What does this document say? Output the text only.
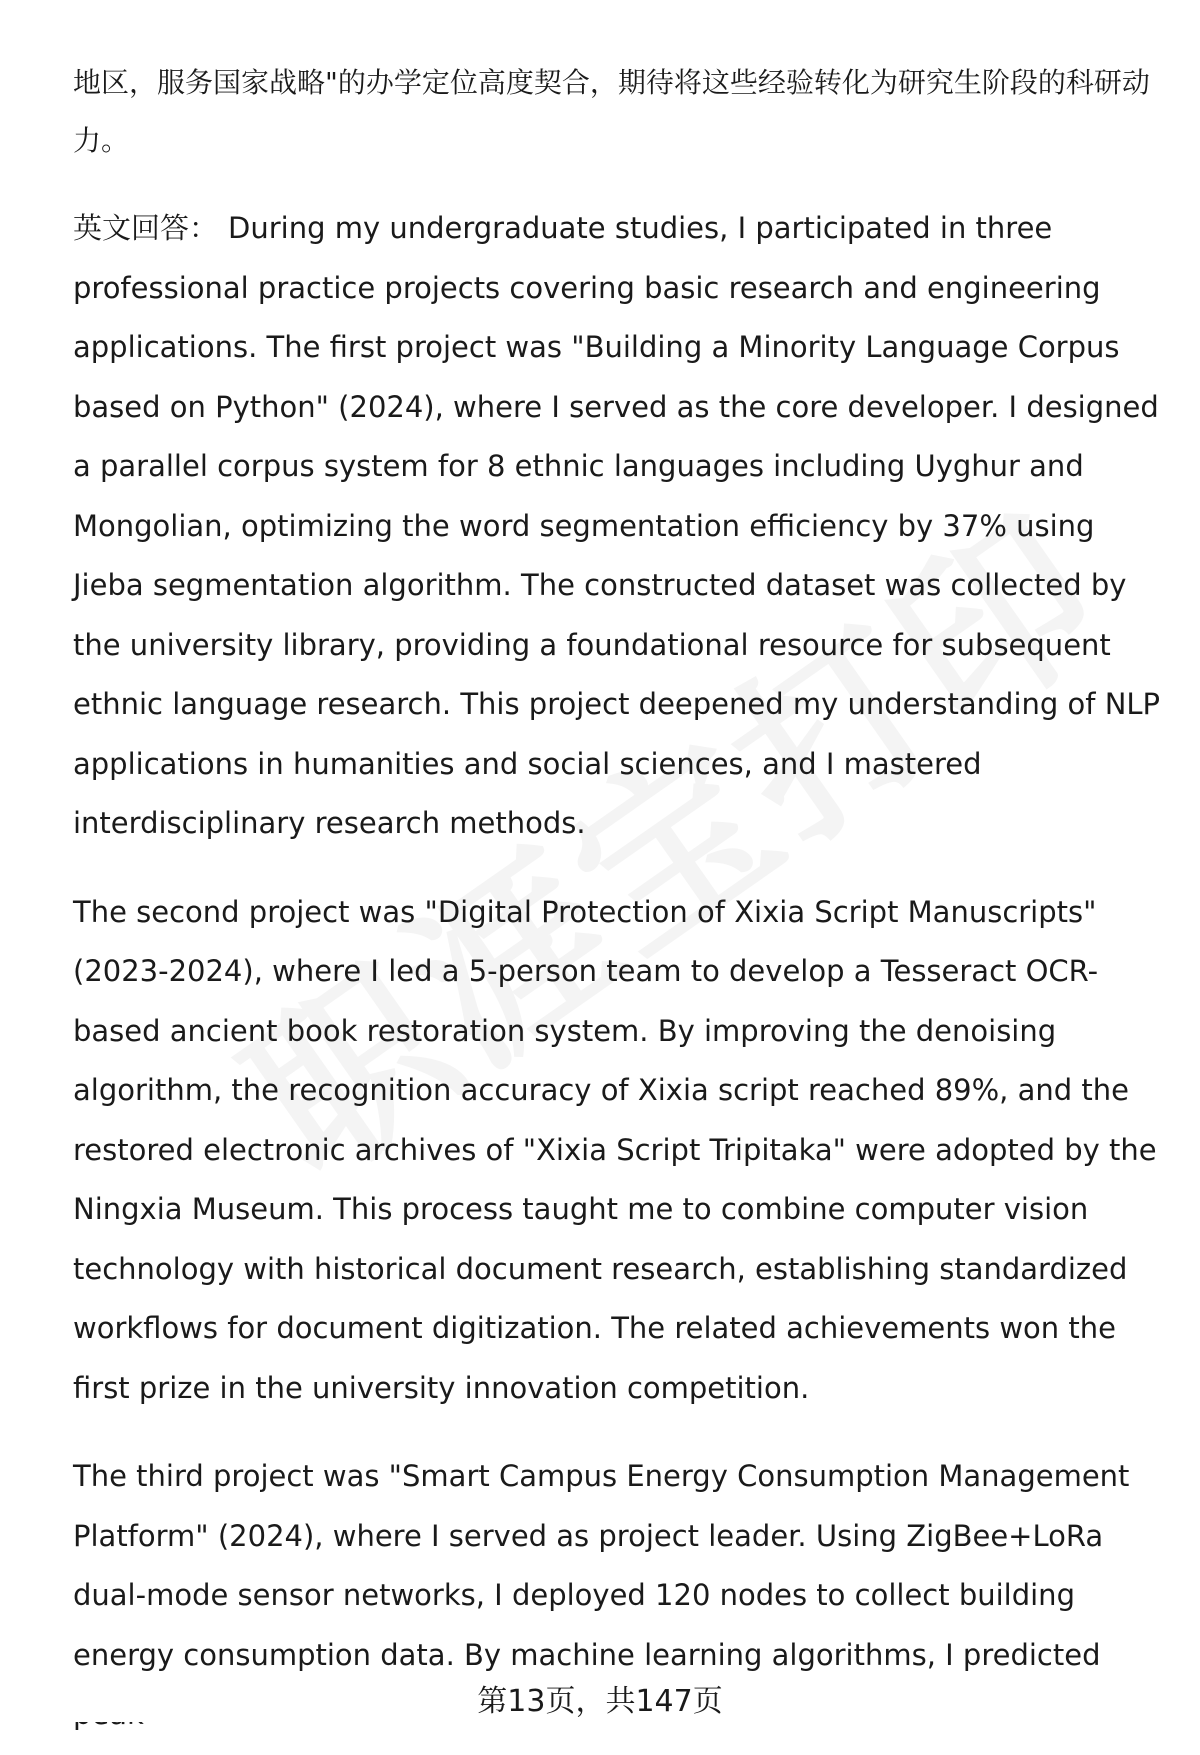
地区，服务国家战略"的办学定位高度契合，期待将这些经验转化为研究生阶段的科研动力。

英文回答： During my undergraduate studies, I participated in three professional practice projects covering basic research and engineering applications. The first project was "Building a Minority Language Corpus based on Python" (2024), where I served as the core developer. I designed a parallel corpus system for 8 ethnic languages including Uyghur and Mongolian, optimizing the word segmentation efficiency by 37% using Jieba segmentation algorithm. The constructed dataset was collected by the university library, providing a foundational resource for subsequent ethnic language research. This project deepened my understanding of NLP applications in humanities and social sciences, and I mastered interdisciplinary research methods.

The second project was "Digital Protection of Xixia Script Manuscripts" (2023-2024), where I led a 5-person team to develop a Tesseract OCR-based ancient book restoration system. By improving the denoising algorithm, the recognition accuracy of Xixia script reached 89%, and the restored electronic archives of "Xixia Script Tripitaka" were adopted by the Ningxia Museum. This process taught me to combine computer vision technology with historical document research, establishing standardized workflows for document digitization. The related achievements won the first prize in the university innovation competition.

The third project was "Smart Campus Energy Consumption Management Platform" (2024), where I served as project leader. Using ZigBee+LoRa dual-mode sensor networks, I deployed 120 nodes to collect building energy consumption data. By machine learning algorithms, I predicted

第13页，共147页
